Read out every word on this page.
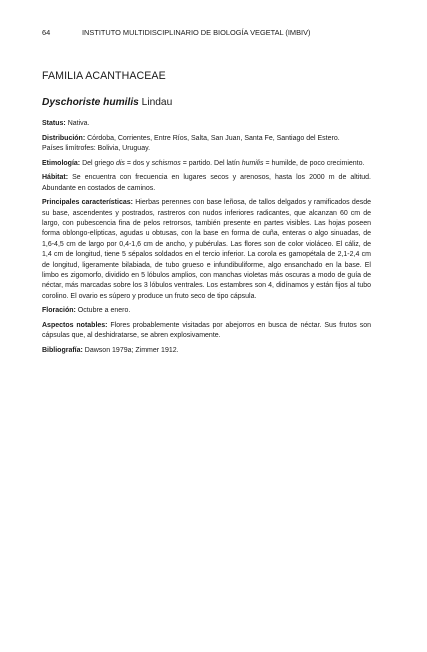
64	INSTITUTO MULTIDISCIPLINARIO DE BIOLOGÍA VEGETAL (IMBIV)
FAMILIA ACANTHACEAE
Dyschoriste humilis Lindau

Status: Nativa.

Distribución: Córdoba, Corrientes, Entre Ríos, Salta, San Juan, Santa Fe, Santiago del Estero.
Países limítrofes: Bolivia, Uruguay.

Etimología: Del griego dis = dos y schismos = partido. Del latín humilis = humilde, de poco crecimiento.

Hábitat: Se encuentra con frecuencia en lugares secos y arenosos, hasta los 2000 m de altitud. Abundante en costados de caminos.

Principales características: Hierbas perennes con base leñosa, de tallos delgados y ramificados desde su base, ascendentes y postrados, rastreros con nudos inferiores radicantes, que alcanzan 60 cm de largo, con pubescencia fina de pelos retrorsos, también presente en partes visibles. Las hojas poseen forma oblongo-elípticas, agudas u obtusas, con la base en forma de cuña, enteras o algo sinuadas, de 1,6-4,5 cm de largo por 0,4-1,6 cm de ancho, y pubérulas. Las flores son de color violáceo. El cáliz, de 1,4 cm de longitud, tiene 5 sépalos soldados en el tercio inferior. La corola es gamopétala de 2,1-2,4 cm de longitud, ligeramente bilabiada, de tubo grueso e infundibuliforme, algo ensanchado en la base. El limbo es zigomorfo, dividido en 5 lóbulos amplios, con manchas violetas más oscuras a modo de guía de néctar, más marcadas sobre los 3 lóbulos ventrales. Los estambres son 4, didínamos y están fijos al tubo corolino. El ovario es súpero y produce un fruto seco de tipo cápsula.

Floración: Octubre a enero.

Aspectos notables: Flores probablemente visitadas por abejorros en busca de néctar. Sus frutos son cápsulas que, al deshidratarse, se abren explosivamente.

Bibliografía: Dawson 1979a; Zimmer 1912.
